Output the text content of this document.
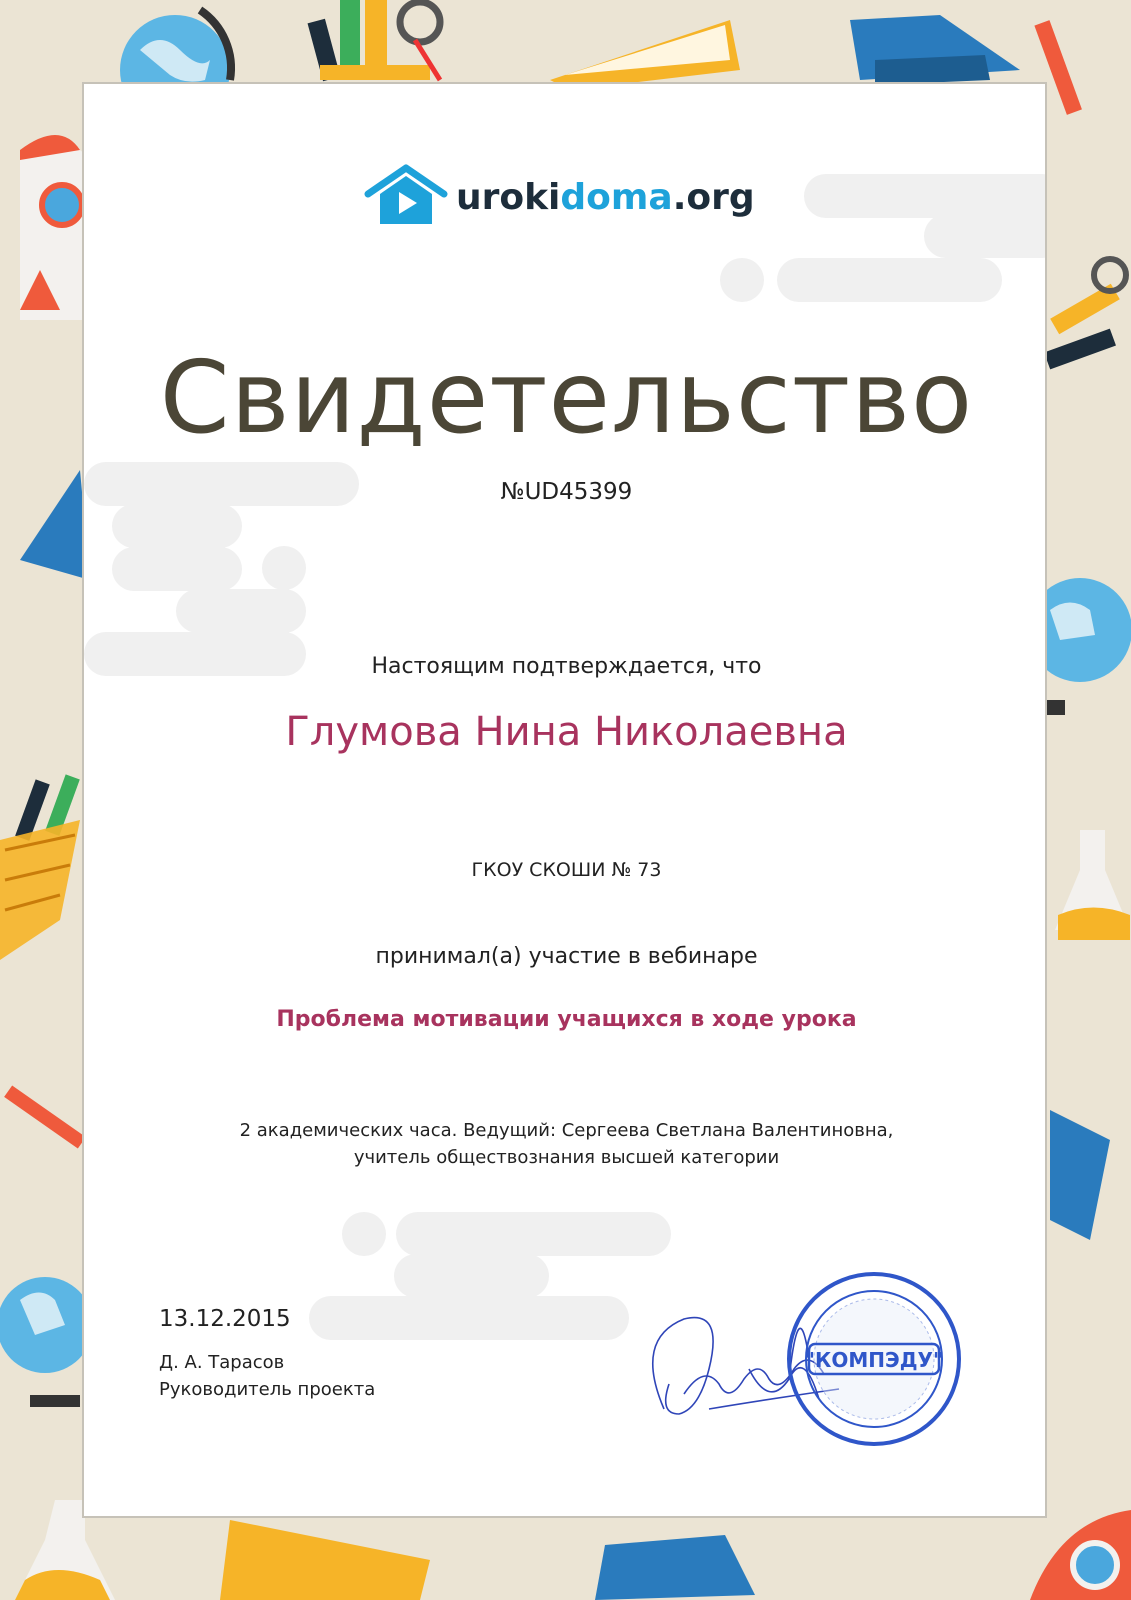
urokidoma.org
Свидетельство
№UD45399
Настоящим подтверждается, что
Глумова Нина Николаевна
ГКОУ СКОШИ № 73
принимал(а) участие в вебинаре
Проблема мотивации учащихся в ходе урока
2 академических часа. Ведущий: Сергеева Светлана Валентиновна,
учитель обществознания высшей категории
13.12.2015
Д. А. Тарасов
Руководитель проекта
"КОМПЭДУ"
